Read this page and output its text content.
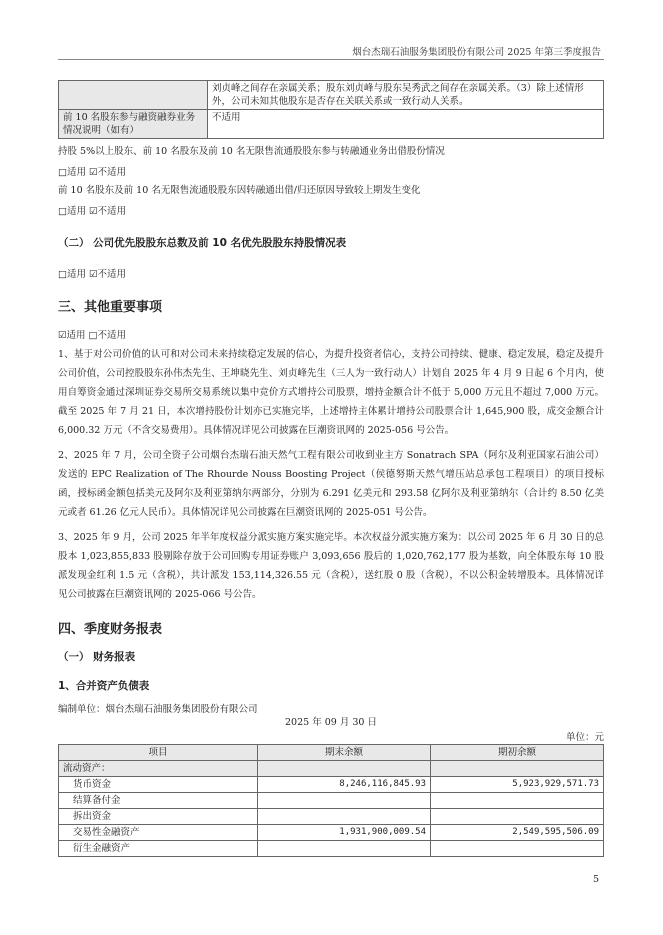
烟台杰瑞石油服务集团股份有限公司 2025 年第三季度报告
	刘贞峰之间存在亲属关系；股东刘贞峰与股东吴秀武之间存在亲属关系。（3）除上述情形外，公司未知其他股东是否存在关联关系或一致行动人关系。
前 10 名股东参与融资融券业务情况说明（如有）	不适用
持股 5%以上股东、前 10 名股东及前 10 名无限售流通股股东参与转融通业务出借股份情况
□适用 ☑不适用
前 10 名股东及前 10 名无限售流通股股东因转融通出借/归还原因导致较上期发生变化
□适用 ☑不适用
（二） 公司优先股股东总数及前 10 名优先股股东持股情况表
□适用 ☑不适用
三、其他重要事项
☑适用 □不适用
1、基于对公司价值的认可和对公司未来持续稳定发展的信心，为提升投资者信心，支持公司持续、健康、稳定发展，稳定及提升公司价值，公司控股股东孙伟杰先生、王坤晓先生、刘贞峰先生（三人为一致行动人）计划自 2025 年 4 月 9 日起 6 个月内，使用自筹资金通过深圳证券交易所交易系统以集中竞价方式增持公司股票，增持金额合计不低于 5,000 万元且不超过 7,000 万元。截至 2025 年 7 月 21 日，本次增持股份计划亦已实施完毕，上述增持主体累计增持公司股票合计 1,645,900 股，成交金额合计 6,000.32 万元（不含交易费用）。具体情况详见公司披露在巨潮资讯网的 2025-056 号公告。
2、2025 年 7 月，公司全资子公司烟台杰瑞石油天然气工程有限公司收到业主方 Sonatrach SPA（阿尔及利亚国家石油公司）发送的 EPC Realization of The Rhourde Nouss Boosting Project（侯德努斯天然气增压站总承包工程项目）的项目授标函，授标函金额包括美元及阿尔及利亚第纳尔两部分，分别为 6.291 亿美元和 293.58 亿阿尔及利亚第纳尔（合计约 8.50 亿美元或者 61.26 亿元人民币）。具体情况详见公司披露在巨潮资讯网的 2025-051 号公告。
3、2025 年 9 月，公司 2025 年半年度权益分派实施方案实施完毕。本次权益分派实施方案为：以公司 2025 年 6 月 30 日的总股本 1,023,855,833 股剔除存放于公司回购专用证券账户 3,093,656 股后的 1,020,762,177 股为基数，向全体股东每 10 股派发现金红利 1.5 元（含税），共计派发 153,114,326.55 元（含税），送红股 0 股（含税），不以公积金转增股本。具体情况详见公司披露在巨潮资讯网的 2025-066 号公告。
四、季度财务报表
（一） 财务报表
1、合并资产负债表
编制单位：烟台杰瑞石油服务集团股份有限公司
2025 年 09 月 30 日
单位：元
项目	期末余额	期初余额
流动资产：		
货币资金	8,246,116,845.93	5,923,929,571.73
结算备付金		
拆出资金		
交易性金融资产	1,931,900,009.54	2,549,595,506.09
衍生金融资产		
5
